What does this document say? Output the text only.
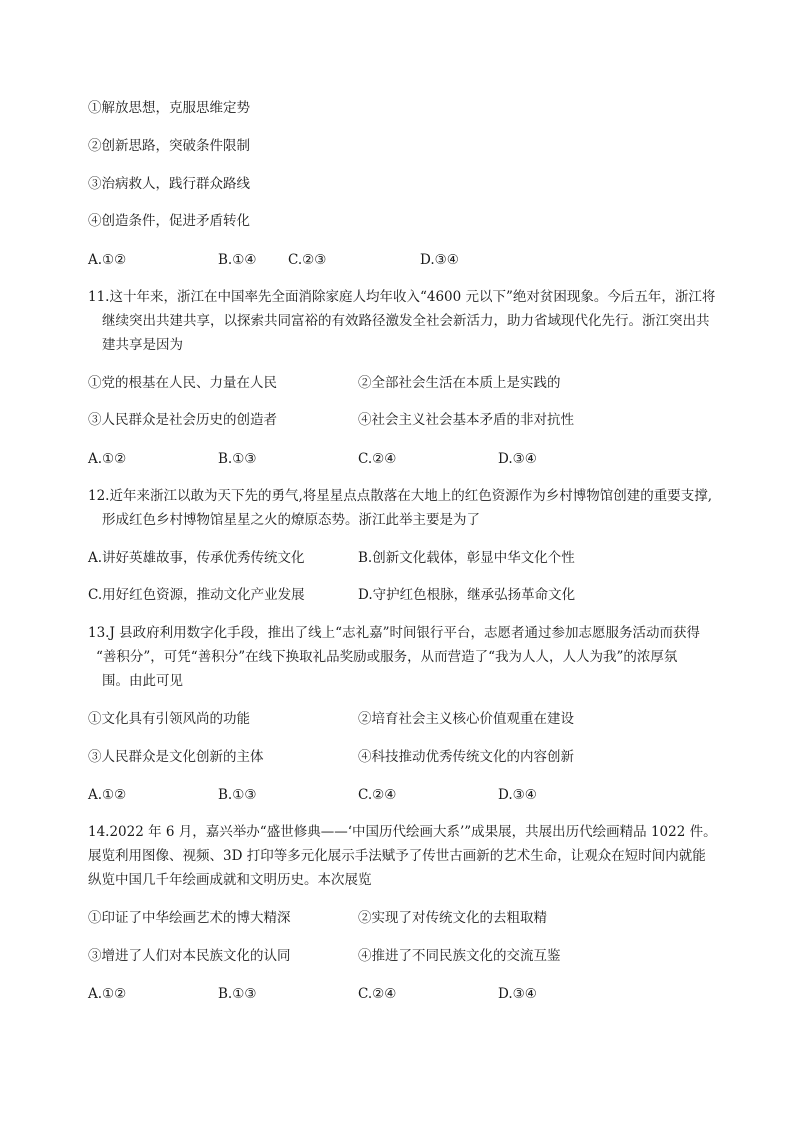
①解放思想，克服思维定势
②创新思路，突破条件限制
③治病救人，践行群众路线
④创造条件，促进矛盾转化
A.①②	B.①④ C.②③	D.③④
11.这十年来，浙江在中国率先全面消除家庭人均年收入“4600 元以下”绝对贫困现象。今后五年，浙江将
继续突出共建共享，以探索共同富裕的有效路径激发全社会新活力，助力省域现代化先行。浙江突出共
建共享是因为
①党的根基在人民、力量在人民	②全部社会生活在本质上是实践的
③人民群众是社会历史的创造者	④社会主义社会基本矛盾的非对抗性
A.①②	B.①③	C.②④	D.③④
12.近年来浙江以敢为天下先的勇气,将星星点点散落在大地上的红色资源作为乡村博物馆创建的重要支撑,
形成红色乡村博物馆星星之火的燎原态势。浙江此举主要是为了
A.讲好英雄故事，传承优秀传统文化	B.创新文化载体，彰显中华文化个性
C.用好红色资源，推动文化产业发展	D.守护红色根脉，继承弘扬革命文化
13.J 县政府利用数字化手段，推出了线上“志礼嘉”时间银行平台，志愿者通过参加志愿服务活动而获得
“善积分”，可凭“善积分”在线下换取礼品奖励或服务，从而营造了“我为人人，人人为我”的浓厚氛
围。由此可见
①文化具有引领风尚的功能	②培育社会主义核心价值观重在建设
③人民群众是文化创新的主体	④科技推动优秀传统文化的内容创新
A.①②	B.①③	C.②④	D.③④
14.2022 年 6 月，嘉兴举办“盛世修典——‘中国历代绘画大系’”成果展，共展出历代绘画精品 1022 件。
展览利用图像、视频、3D 打印等多元化展示手法赋予了传世古画新的艺术生命，让观众在短时间内就能
纵览中国几千年绘画成就和文明历史。本次展览
①印证了中华绘画艺术的博大精深	②实现了对传统文化的去粗取精
③增进了人们对本民族文化的认同	④推进了不同民族文化的交流互鉴
A.①②	B.①③	C.②④	D.③④
